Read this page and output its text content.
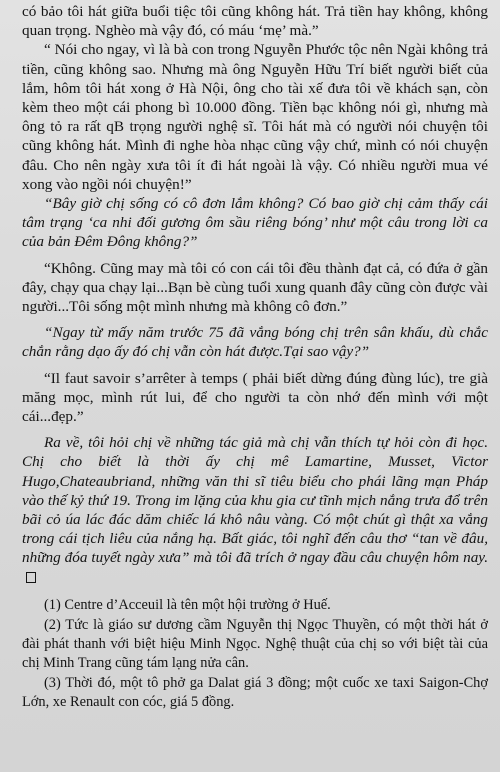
có bảo tôi hát giữa buổi tiệc tôi cũng không hát. Trả tiền hay không, không quan trọng. Nghèo mà vậy đó, có máu ‘mẹ’ mà.”

“ Nói cho ngay, vì là bà con trong Nguyễn Phước tộc nên Ngài không trả tiền, cũng không sao. Nhưng mà ông Nguyễn Hữu Trí biết người biết của lắm, hôm tôi hát xong ở Hà Nội, ông cho tài xế đưa tôi về khách sạn, còn kèm theo một cái phong bì 10.000 đồng. Tiền bạc không nói gì, nhưng mà ông tỏ ra rất qB trọng người nghệ sĩ. Tôi hát mà có người nói chuyện tôi cũng không hát. Mình đi nghe hòa nhạc cũng vậy chứ, mình có nói chuyện đâu. Cho nên ngày xưa tôi ít đi hát ngoài là vậy. Có nhiều người mua vé xong vào ngồi nói chuyện!”

“Bây giờ chị sống có cô đơn lắm không? Có bao giờ chị cảm thấy cái tâm trạng ‘ca nhi đối gương ôm sầu riêng bóng’ như một câu trong lời ca của bản Đêm Đông không?”

“Không. Cũng may mà tôi có con cái tôi đều thành đạt cả, có đứa ở gần đây, chạy qua chạy lại...Bạn bè cùng tuổi xung quanh đây cũng còn được vài người...Tôi sống một mình nhưng mà không cô đơn.”

“Ngay từ mấy năm trước 75 đã vắng bóng chị trên sân khấu, dù chắc chắn rằng dạo ấy đó chị vẫn còn hát được.Tại sao vậy?”

“Il faut savoir s’arrêter à temps ( phải biết dừng đúng đùng lúc), tre già măng mọc, mình rút lui, để cho người ta còn nhớ đến mình với một cái...đẹp.”

Ra về, tôi hỏi chị về những tác giả mà chị vẫn thích tự hỏi còn đi học. Chị cho biết là thời ấy chị mê Lamartine, Musset, Victor Hugo,Chateaubriand, những văn thi sĩ tiêu biểu cho phái lãng mạn Pháp vào thế kỷ thứ 19. Trong im lặng của khu gia cư tĩnh mịch nắng trưa đổ trên bãi cỏ úa lác đác dăm chiếc lá khô nâu vàng. Có một chút gì thật xa vắng trong cái tịch liêu của nắng hạ. Bất giác, tôi nghĩ đến câu thơ “tan về đâu, những đóa tuyết ngày xưa” mà tôi đã trích ở ngay đầu câu chuyện hôm nay.

(1) Centre d’Acceuil là tên một hội trường ở Huế.

(2) Tức là giáo sư dương cầm Nguyễn thị Ngọc Thuyền, có một thời hát ở đài phát thanh với biệt hiệu Minh Ngọc. Nghệ thuật của chị so với biệt tài của chị Minh Trang cũng tám lạng nửa cân.

(3) Thời đó, một tô phở ga Dalat giá 3 đồng; một cuốc xe taxi Saigon-Chợ Lớn, xe Renault con cóc, giá 5 đồng.
